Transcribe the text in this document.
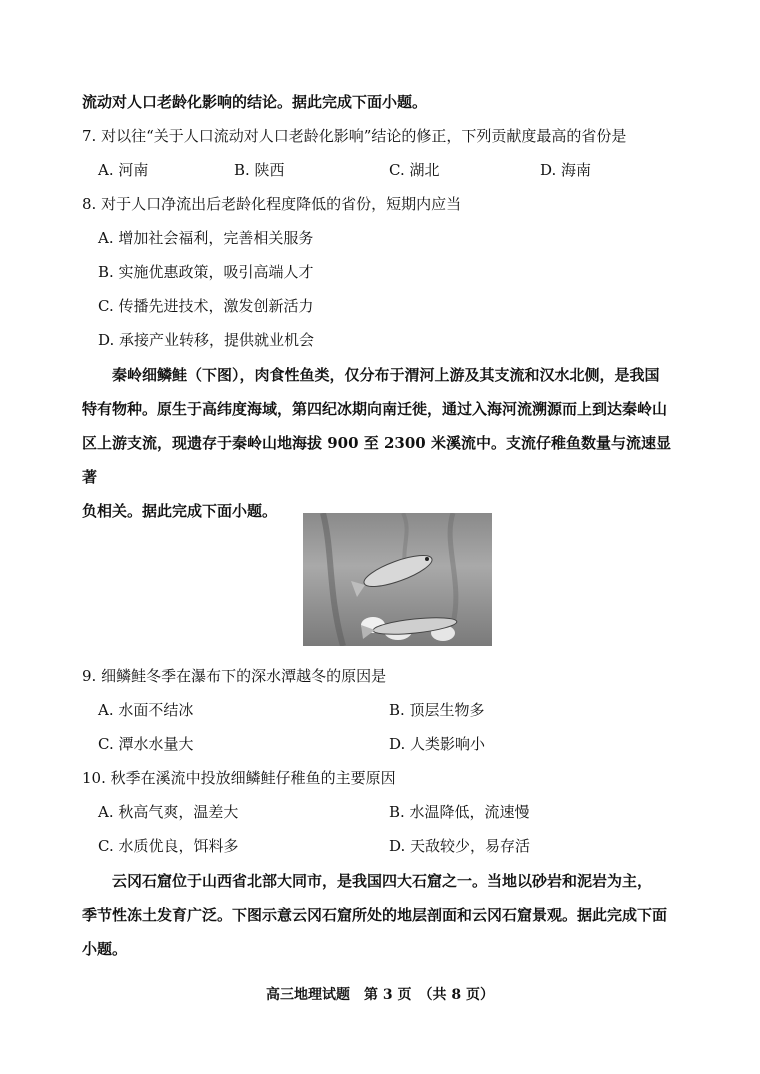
流动对人口老龄化影响的结论。据此完成下面小题。
7. 对以往“关于人口流动对人口老龄化影响”结论的修正，下列贡献度最高的省份是
A. 河南	B. 陕西	C. 湖北	D. 海南
8. 对于人口净流出后老龄化程度降低的省份，短期内应当
A. 增加社会福利，完善相关服务
B. 实施优惠政策，吸引高端人才
C. 传播先进技术，激发创新活力
D. 承接产业转移，提供就业机会
秦岭细鳞鲑（下图），肉食性鱼类，仅分布于渭河上游及其支流和汉水北侧，是我国
特有物种。原生于高纬度海域，第四纪冰期向南迁徙，通过入海河流溯源而上到达秦岭山
区上游支流，现遗存于秦岭山地海拔 900 至 2300 米溪流中。支流仔稚鱼数量与流速显著
负相关。据此完成下面小题。
9. 细鳞鲑冬季在瀑布下的深水潭越冬的原因是
A. 水面不结冰	B. 顶层生物多
C. 潭水水量大	D. 人类影响小
10. 秋季在溪流中投放细鳞鲑仔稚鱼的主要原因
A. 秋高气爽，温差大	B. 水温降低，流速慢
C. 水质优良，饵料多	D. 天敌较少，易存活
云冈石窟位于山西省北部大同市，是我国四大石窟之一。当地以砂岩和泥岩为主，
季节性冻土发育广泛。下图示意云冈石窟所处的地层剖面和云冈石窟景观。据此完成下面
小题。
高三地理试题　第 3 页　（共 8 页）
